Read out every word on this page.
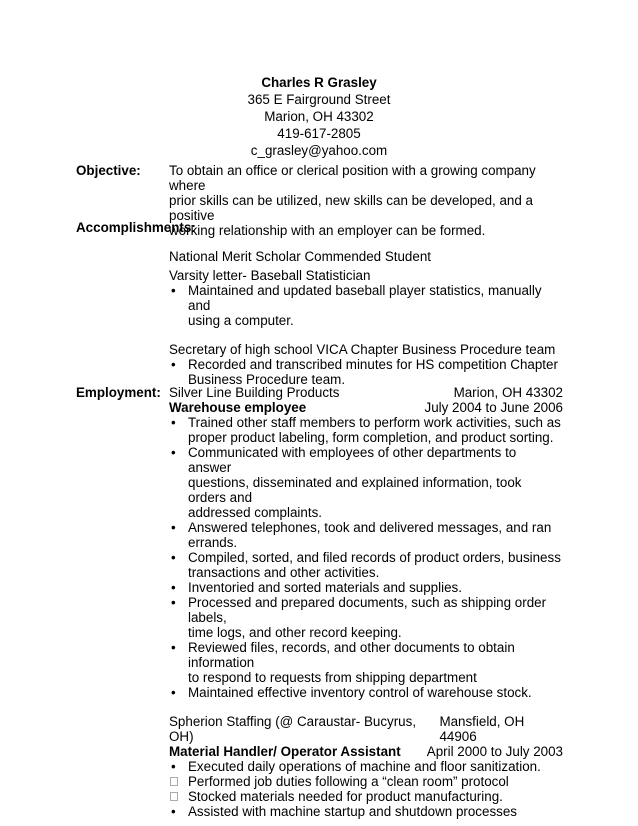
Charles R Grasley
365 E Fairground Street
Marion, OH 43302
419-617-2805
c_grasley@yahoo.com
Objective: To obtain an office or clerical position with a growing company where
prior skills can be utilized, new skills can be developed, and a positive
working relationship with an employer can be formed.
Accomplishments:
National Merit Scholar Commended Student
Varsity letter- Baseball Statistician
• Maintained and updated baseball player statistics, manually and
using a computer.
Secretary of high school VICA Chapter Business Procedure team
• Recorded and transcribed minutes for HS competition Chapter
Business Procedure team.
Employment: Silver Line Building Products	Marion, OH 43302
Warehouse employee	July 2004 to June 2006
• Trained other staff members to perform work activities, such as
proper product labeling, form completion, and product sorting.
• Communicated with employees of other departments to answer
questions, disseminated and explained information, took orders and
addressed complaints.
• Answered telephones, took and delivered messages, and ran
errands.
• Compiled, sorted, and filed records of product orders, business
transactions and other activities.
• Inventoried and sorted materials and supplies.
• Processed and prepared documents, such as shipping order labels,
time logs, and other record keeping.
• Reviewed files, records, and other documents to obtain information
to respond to requests from shipping department
• Maintained effective inventory control of warehouse stock.
Spherion Staffing (@ Caraustar- Bucyrus, OH)
Mansfield, OH 44906
Material Handler/ Operator Assistant April 2000 to July 2003
• Executed daily operations of machine and floor sanitization.
Performed job duties following a “clean room” protocol
Stocked materials needed for product manufacturing.
• Assisted with machine startup and shutdown processes
